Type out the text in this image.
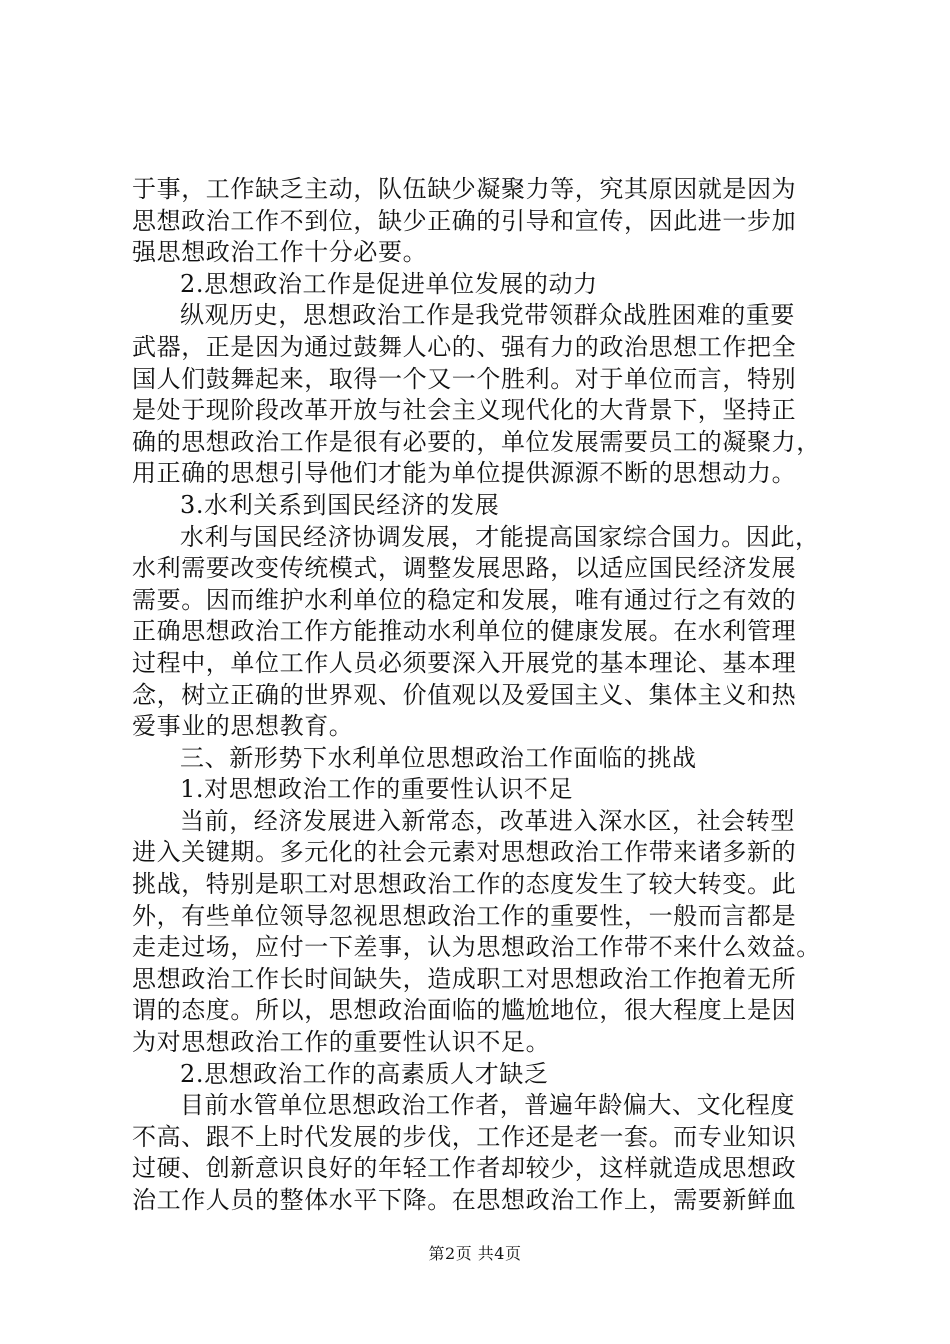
于事，工作缺乏主动，队伍缺少凝聚力等，究其原因就是因为
思想政治工作不到位，缺少正确的引导和宣传，因此进一步加
强思想政治工作十分必要。
2.思想政治工作是促进单位发展的动力
纵观历史，思想政治工作是我党带领群众战胜困难的重要
武器，正是因为通过鼓舞人心的、强有力的政治思想工作把全
国人们鼓舞起来，取得一个又一个胜利。对于单位而言，特别
是处于现阶段改革开放与社会主义现代化的大背景下，坚持正
确的思想政治工作是很有必要的，单位发展需要员工的凝聚力，
用正确的思想引导他们才能为单位提供源源不断的思想动力。
3.水利关系到国民经济的发展
水利与国民经济协调发展，才能提高国家综合国力。因此，
水利需要改变传统模式，调整发展思路，以适应国民经济发展
需要。因而维护水利单位的稳定和发展，唯有通过行之有效的
正确思想政治工作方能推动水利单位的健康发展。在水利管理
过程中，单位工作人员必须要深入开展党的基本理论、基本理
念，树立正确的世界观、价值观以及爱国主义、集体主义和热
爱事业的思想教育。
三、新形势下水利单位思想政治工作面临的挑战
1.对思想政治工作的重要性认识不足
当前，经济发展进入新常态，改革进入深水区，社会转型
进入关键期。多元化的社会元素对思想政治工作带来诸多新的
挑战，特别是职工对思想政治工作的态度发生了较大转变。此
外，有些单位领导忽视思想政治工作的重要性，一般而言都是
走走过场，应付一下差事，认为思想政治工作带不来什么效益。
思想政治工作长时间缺失，造成职工对思想政治工作抱着无所
谓的态度。所以，思想政治面临的尴尬地位，很大程度上是因
为对思想政治工作的重要性认识不足。
2.思想政治工作的高素质人才缺乏
目前水管单位思想政治工作者，普遍年龄偏大、文化程度
不高、跟不上时代发展的步伐，工作还是老一套。而专业知识
过硬、创新意识良好的年轻工作者却较少，这样就造成思想政
治工作人员的整体水平下降。在思想政治工作上，需要新鲜血
第2页 共4页
